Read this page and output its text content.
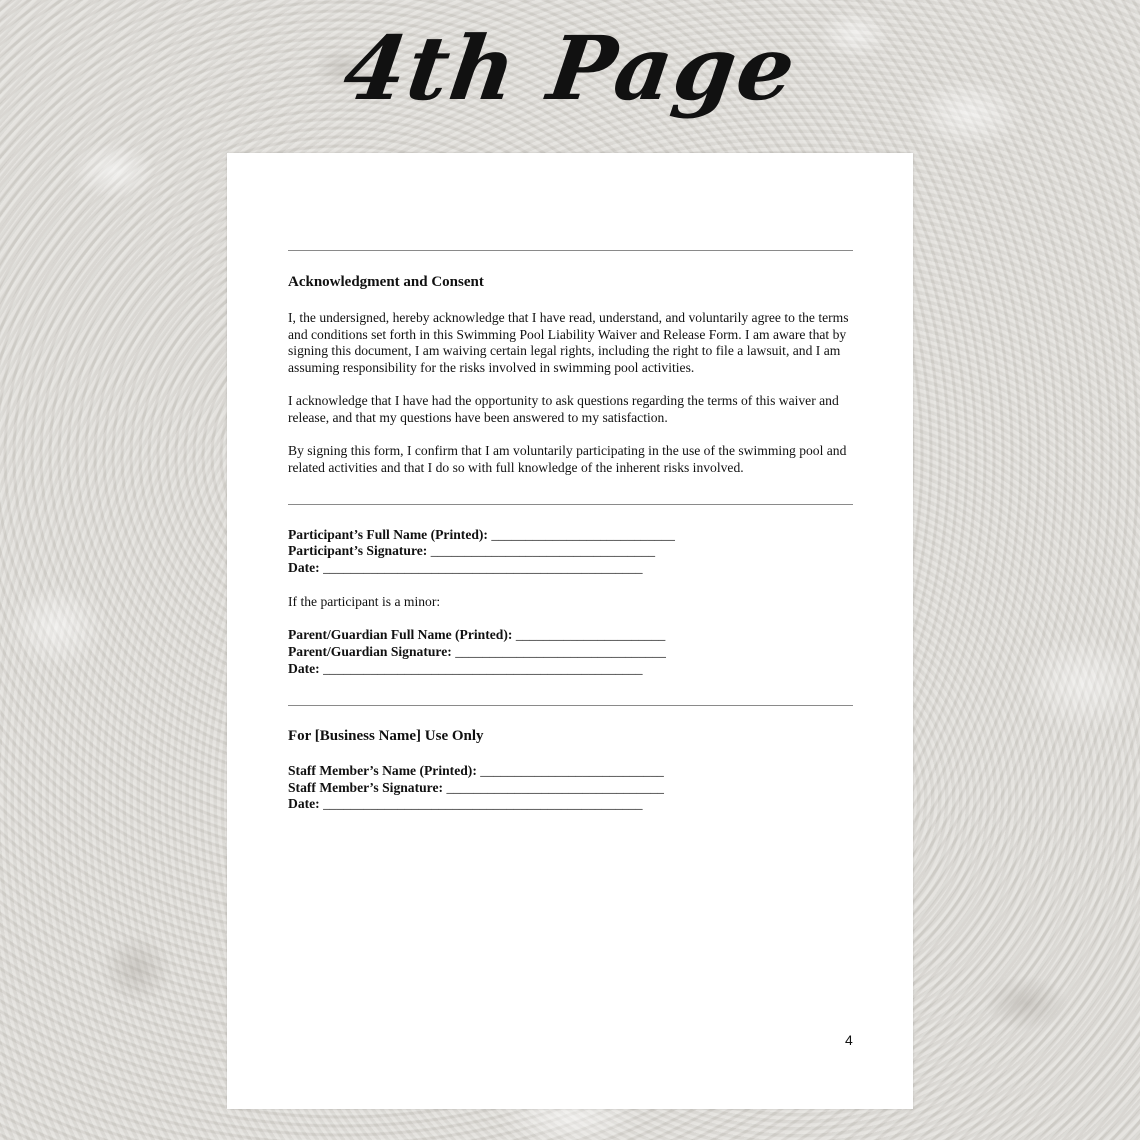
4th Page
Acknowledgment and Consent

I, the undersigned, hereby acknowledge that I have read, understand, and voluntarily agree to the terms and conditions set forth in this Swimming Pool Liability Waiver and Release Form. I am aware that by signing this document, I am waiving certain legal rights, including the right to file a lawsuit, and I am assuming responsibility for the risks involved in swimming pool activities.

I acknowledge that I have had the opportunity to ask questions regarding the terms of this waiver and release, and that my questions have been answered to my satisfaction.

By signing this form, I confirm that I am voluntarily participating in the use of the swimming pool and related activities and that I do so with full knowledge of the inherent risks involved.

Participant’s Full Name (Printed): ___________________________
Participant’s Signature: _________________________________
Date: _______________________________________________
If the participant is a minor:
Parent/Guardian Full Name (Printed): ______________________
Parent/Guardian Signature: _______________________________
Date: _______________________________________________
For [Business Name] Use Only
Staff Member’s Name (Printed): ___________________________
Staff Member’s Signature: ________________________________
Date: _______________________________________________
4
